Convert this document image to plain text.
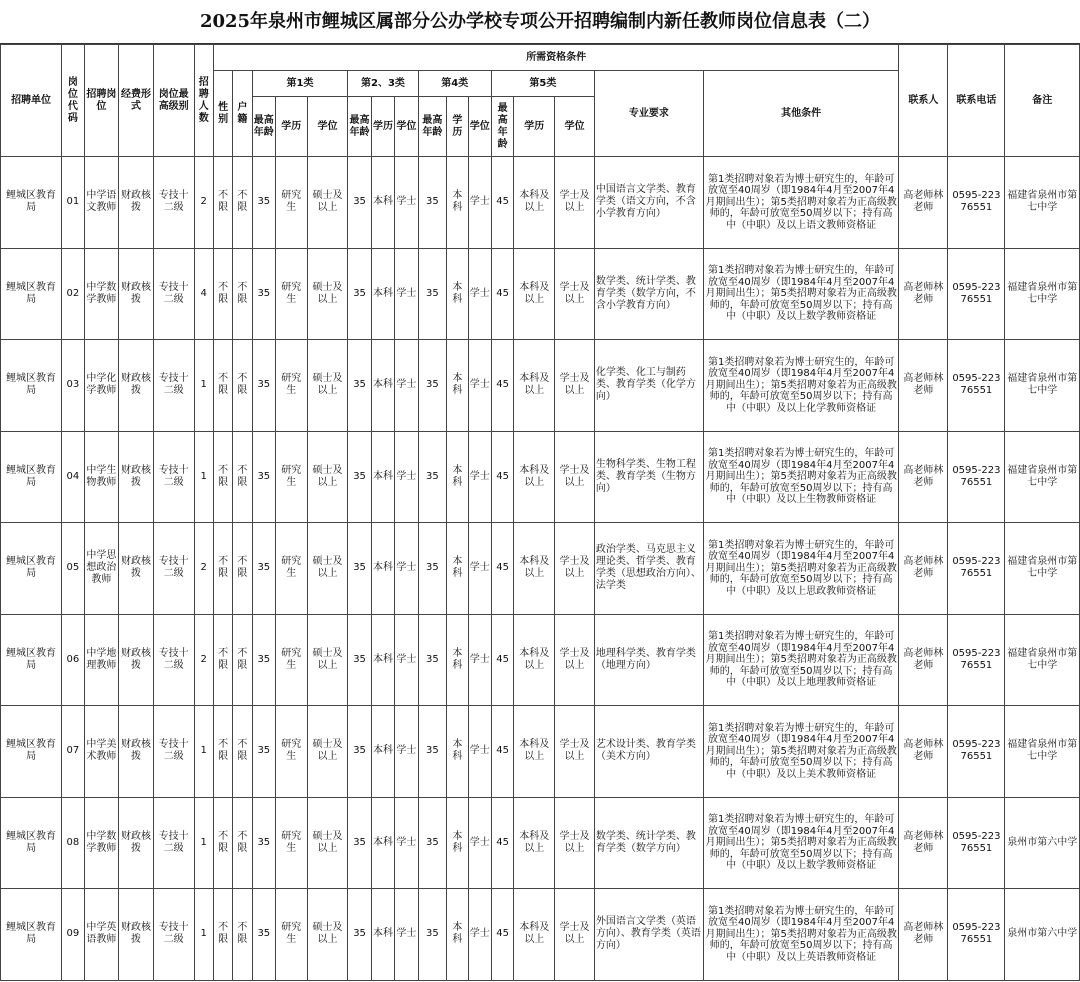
2025年泉州市鲤城区属部分公办学校专项公开招聘编制内新任教师岗位信息表（二）
招聘单位	岗位代码	招聘岗位	经费形式	岗位最高级别	招聘人数	所需资格条件																联系人	联系电话	备注
						性别	户籍	第1类			第2、3类			第4类			第5类			专业要求	其他条件			
								最高年龄	学历	学位	最高年龄	学历	学位	最高年龄	学历	学位	最高年龄	学历	学位					
鲤城区教育局	01	中学语文教师	财政核拨	专技十二级	2	不限	不限	35	研究生	硕士及以上	35	本科	学士	35	本科	学士	45	本科及以上	学士及以上	中国语言文学类、教育学类（语文方向，不含小学教育方向）	第1类招聘对象若为博士研究生的，年龄可放宽至40周岁（即1984年4月至2007年4月期间出生）；第5类招聘对象若为正高级教师的，年龄可放宽至50周岁以下；持有高中（中职）及以上语文教师资格证	高老师林老师	0595-22376551	福建省泉州市第七中学
鲤城区教育局	02	中学数学教师	财政核拨	专技十二级	4	不限	不限	35	研究生	硕士及以上	35	本科	学士	35	本科	学士	45	本科及以上	学士及以上	数学类、统计学类、教育学类（数学方向，不含小学教育方向）	第1类招聘对象若为博士研究生的，年龄可放宽至40周岁（即1984年4月至2007年4月期间出生）；第5类招聘对象若为正高级教师的，年龄可放宽至50周岁以下；持有高中（中职）及以上数学教师资格证	高老师林老师	0595-22376551	福建省泉州市第七中学
鲤城区教育局	03	中学化学教师	财政核拨	专技十二级	1	不限	不限	35	研究生	硕士及以上	35	本科	学士	35	本科	学士	45	本科及以上	学士及以上	化学类、化工与制药类、教育学类（化学方向）	第1类招聘对象若为博士研究生的，年龄可放宽至40周岁（即1984年4月至2007年4月期间出生）；第5类招聘对象若为正高级教师的，年龄可放宽至50周岁以下；持有高中（中职）及以上化学教师资格证	高老师林老师	0595-22376551	福建省泉州市第七中学
鲤城区教育局	04	中学生物教师	财政核拨	专技十二级	1	不限	不限	35	研究生	硕士及以上	35	本科	学士	35	本科	学士	45	本科及以上	学士及以上	生物科学类、生物工程类、教育学类（生物方向）	第1类招聘对象若为博士研究生的，年龄可放宽至40周岁（即1984年4月至2007年4月期间出生）；第5类招聘对象若为正高级教师的，年龄可放宽至50周岁以下；持有高中（中职）及以上生物教师资格证	高老师林老师	0595-22376551	福建省泉州市第七中学
鲤城区教育局	05	中学思想政治教师	财政核拨	专技十二级	2	不限	不限	35	研究生	硕士及以上	35	本科	学士	35	本科	学士	45	本科及以上	学士及以上	政治学类、马克思主义理论类、哲学类、教育学类（思想政治方向）、法学类	第1类招聘对象若为博士研究生的，年龄可放宽至40周岁（即1984年4月至2007年4月期间出生）；第5类招聘对象若为正高级教师的，年龄可放宽至50周岁以下；持有高中（中职）及以上思政教师资格证	高老师林老师	0595-22376551	福建省泉州市第七中学
鲤城区教育局	06	中学地理教师	财政核拨	专技十二级	2	不限	不限	35	研究生	硕士及以上	35	本科	学士	35	本科	学士	45	本科及以上	学士及以上	地理科学类、教育学类（地理方向）	第1类招聘对象若为博士研究生的，年龄可放宽至40周岁（即1984年4月至2007年4月期间出生）；第5类招聘对象若为正高级教师的，年龄可放宽至50周岁以下；持有高中（中职）及以上地理教师资格证	高老师林老师	0595-22376551	福建省泉州市第七中学
鲤城区教育局	07	中学美术教师	财政核拨	专技十二级	1	不限	不限	35	研究生	硕士及以上	35	本科	学士	35	本科	学士	45	本科及以上	学士及以上	艺术设计类、教育学类（美术方向）	第1类招聘对象若为博士研究生的，年龄可放宽至40周岁（即1984年4月至2007年4月期间出生）；第5类招聘对象若为正高级教师的，年龄可放宽至50周岁以下；持有高中（中职）及以上美术教师资格证	高老师林老师	0595-22376551	福建省泉州市第七中学
鲤城区教育局	08	中学数学教师	财政核拨	专技十二级	1	不限	不限	35	研究生	硕士及以上	35	本科	学士	35	本科	学士	45	本科及以上	学士及以上	数学类、统计学类、教育学类（数学方向）	第1类招聘对象若为博士研究生的，年龄可放宽至40周岁（即1984年4月至2007年4月期间出生）；第5类招聘对象若为正高级教师的，年龄可放宽至50周岁以下；持有高中（中职）及以上数学教师资格证	高老师林老师	0595-22376551	泉州市第六中学
鲤城区教育局	09	中学英语教师	财政核拨	专技十二级	1	不限	不限	35	研究生	硕士及以上	35	本科	学士	35	本科	学士	45	本科及以上	学士及以上	外国语言文学类（英语方向）、教育学类（英语方向）	第1类招聘对象若为博士研究生的，年龄可放宽至40周岁（即1984年4月至2007年4月期间出生）；第5类招聘对象若为正高级教师的，年龄可放宽至50周岁以下；持有高中（中职）及以上英语教师资格证	高老师林老师	0595-22376551	泉州市第六中学
